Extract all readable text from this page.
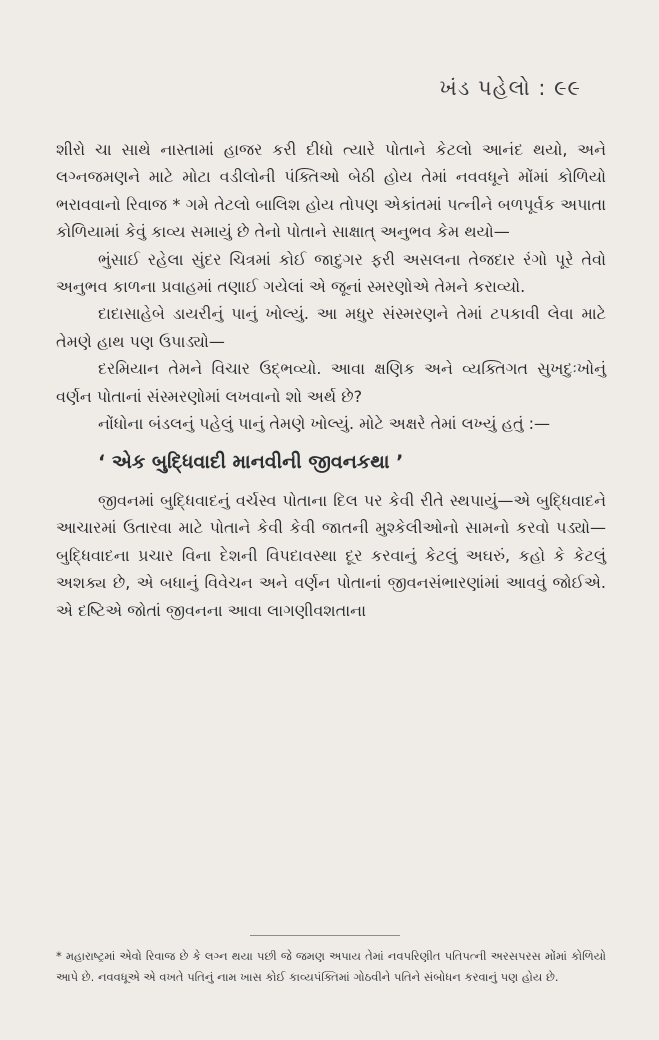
ખંડ પહેલો : ૯૯

શીરો ચા સાથે નાસ્તામાં હાજર કરી દીધો ત્યારે પોતાને કેટલો આનંદ થયો, અને લગ્નજમણને માટે મોટા વડીલોની પંક્તિઓ બેઠી હોય તેમાં નવવધૂને મોંમાં કોળિયો ભરાવવાનો રિવાજ * ગમે તેટલો બાલિશ હોય તોપણ એકાંતમાં પત્નીને બળપૂર્વક અપાતા કોળિયામાં કેવું કાવ્ય સમાયું છે તેનો પોતાને સાક્ષાત્ અનુભવ કેમ થયો—

ભુંસાઈ રહેલા સુંદર ચિત્રમાં કોઈ જાદુગર ફરી અસલના તેજદાર રંગો પૂરે તેવો અનુભવ કાળના પ્રવાહમાં તણાઈ ગયેલાં એ જૂનાં સ્મરણોએ તેમને કરાવ્યો.

દાદાસાહેબે ડાયરીનું પાનું ખોલ્યું. આ મધુર સંસ્મરણને તેમાં ટપકાવી લેવા માટે તેમણે હાથ પણ ઉપાડ્યો—

દરમિયાન તેમને વિચાર ઉદ્‌ભવ્યો. આવા ક્ષણિક અને વ્યક્તિગત સુખદુઃખોનું વર્ણન પોતાનાં સંસ્મરણોમાં લખવાનો શો અર્થ છે?

નોંધોના બંડલનું પહેલું પાનું તેમણે ખોલ્યું. મોટે અક્ષરે તેમાં લખ્યું હતું :—

‘ એક બુદ્ધિવાદી માનવીની જીવનકથા ’

જીવનમાં બુદ્ધિવાદનું વર્ચસ્વ પોતાના દિલ પર કેવી રીતે સ્થપાયું—એ બુદ્ધિવાદને આચારમાં ઉતારવા માટે પોતાને કેવી કેવી જાતની મુશ્કેલીઓનો સામનો કરવો પડ્યો—બુદ્ધિવાદના પ્રચાર વિના દેશની વિપદાવસ્થા દૂર કરવાનું કેટલું અઘરું, કહો કે કેટલું અશક્ય છે, એ બધાનું વિવેચન અને વર્ણન પોતાનાં જીવનસંભારણાંમાં આવવું જોઈએ. એ દષ્ટિએ જોતાં જીવનના આવા લાગણીવશતાના

* મહારાષ્ટ્રમાં એવો રિવાજ છે કે લગ્ન થયા પછી જે જમણ અપાય તેમાં નવપરિણીત પતિપત્ની અરસપરસ મોંમાં કોળિયો આપે છે. નવવધૂએ એ વખતે પતિનું નામ ખાસ કોઈ કાવ્યપંક્તિમાં ગોઠવીને પતિને સંબોધન કરવાનું પણ હોય છે.
